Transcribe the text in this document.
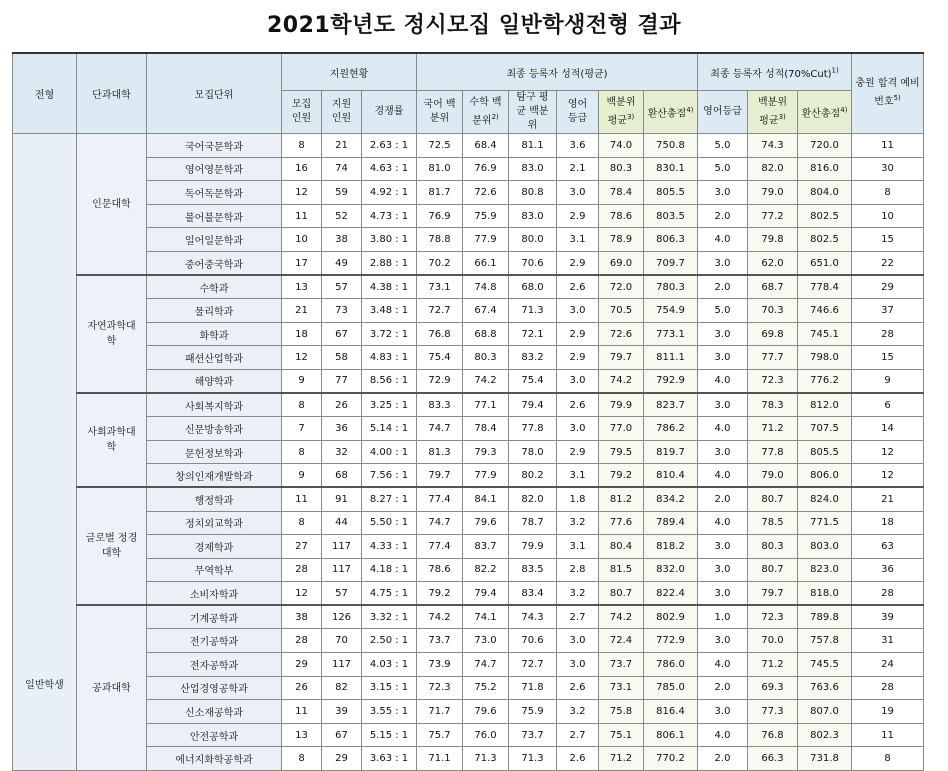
2021학년도 정시모집 일반학생전형 결과
전형	단과대학	모집단위	지원현황			최종 등록자 성적(평균)						최종 등록자 성적$(70\%Cut)^{1)}$			충원 합격 예비번호$^{5)}$
			모집 인원	지원 인원	경쟁률	국어 백분위	수학 백분위$^{2)}$	탐구 평균 백분위	영어 등급	백분위 평균$^{3)}$	환산총점$^{4)}$	영어등급	백분위 평균$^{3)}$	환산총점$^{4)}$
일반학생	인문대학	국어국문학과	8	21	2.63 : 1	72.5	68.4	81.1	3.6	74.0	750.8	5.0	74.3	720.0	11
		영어영문학과	16	74	4.63 : 1	81.0	76.9	83.0	2.1	80.3	830.1	5.0	82.0	816.0	30
		독어독문학과	12	59	4.92 : 1	81.7	72.6	80.8	3.0	78.4	805.5	3.0	79.0	804.0	8
		불어불문학과	11	52	4.73 : 1	76.9	75.9	83.0	2.9	78.6	803.5	2.0	77.2	802.5	10
		일어일문학과	10	38	3.80 : 1	78.8	77.9	80.0	3.1	78.9	806.3	4.0	79.8	802.5	15
		중어중국학과	17	49	2.88 : 1	70.2	66.1	70.6	2.9	69.0	709.7	3.0	62.0	651.0	22
	자연과학대학	수학과	13	57	4.38 : 1	73.1	74.8	68.0	2.6	72.0	780.3	2.0	68.7	778.4	29
		물리학과	21	73	3.48 : 1	72.7	67.4	71.3	3.0	70.5	754.9	5.0	70.3	746.6	37
		화학과	18	67	3.72 : 1	76.8	68.8	72.1	2.9	72.6	773.1	3.0	69.8	745.1	28
		패션산업학과	12	58	4.83 : 1	75.4	80.3	83.2	2.9	79.7	811.1	3.0	77.7	798.0	15
		해양학과	9	77	8.56 : 1	72.9	74.2	75.4	3.0	74.2	792.9	4.0	72.3	776.2	9
	사회과학대학	사회복지학과	8	26	3.25 : 1	83.3	77.1	79.4	2.6	79.9	823.7	3.0	78.3	812.0	6
		신문방송학과	7	36	5.14 : 1	74.7	78.4	77.8	3.0	77.0	786.2	4.0	71.2	707.5	14
		문헌정보학과	8	32	4.00 : 1	81.3	79.3	78.0	2.9	79.5	819.7	3.0	77.8	805.5	12
		창의인재개발학과	9	68	7.56 : 1	79.7	77.9	80.2	3.1	79.2	810.4	4.0	79.0	806.0	12
	글로벌 정경대학	행정학과	11	91	8.27 : 1	77.4	84.1	82.0	1.8	81.2	834.2	2.0	80.7	824.0	21
		정치외교학과	8	44	5.50 : 1	74.7	79.6	78.7	3.2	77.6	789.4	4.0	78.5	771.5	18
		경제학과	27	117	4.33 : 1	77.4	83.7	79.9	3.1	80.4	818.2	3.0	80.3	803.0	63
		무역학부	28	117	4.18 : 1	78.6	82.2	83.5	2.8	81.5	832.0	3.0	80.7	823.0	36
		소비자학과	12	57	4.75 : 1	79.2	79.4	83.4	3.2	80.7	822.4	3.0	79.7	818.0	28
	공과대학	기계공학과	38	126	3.32 : 1	74.2	74.1	74.3	2.7	74.2	802.9	1.0	72.3	789.8	39
		전기공학과	28	70	2.50 : 1	73.7	73.0	70.6	3.0	72.4	772.9	3.0	70.0	757.8	31
		전자공학과	29	117	4.03 : 1	73.9	74.7	72.7	3.0	73.7	786.0	4.0	71.2	745.5	24
		산업경영공학과	26	82	3.15 : 1	72.3	75.2	71.8	2.6	73.1	785.0	2.0	69.3	763.6	28
		신소재공학과	11	39	3.55 : 1	71.7	79.6	75.9	3.2	75.8	816.4	3.0	77.3	807.0	19
		안전공학과	13	67	5.15 : 1	75.7	76.0	73.7	2.7	75.1	806.1	4.0	76.8	802.3	11
		에너지화학공학과	8	29	3.63 : 1	71.1	71.3	71.3	2.6	71.2	770.2	2.0	66.3	731.8	8
